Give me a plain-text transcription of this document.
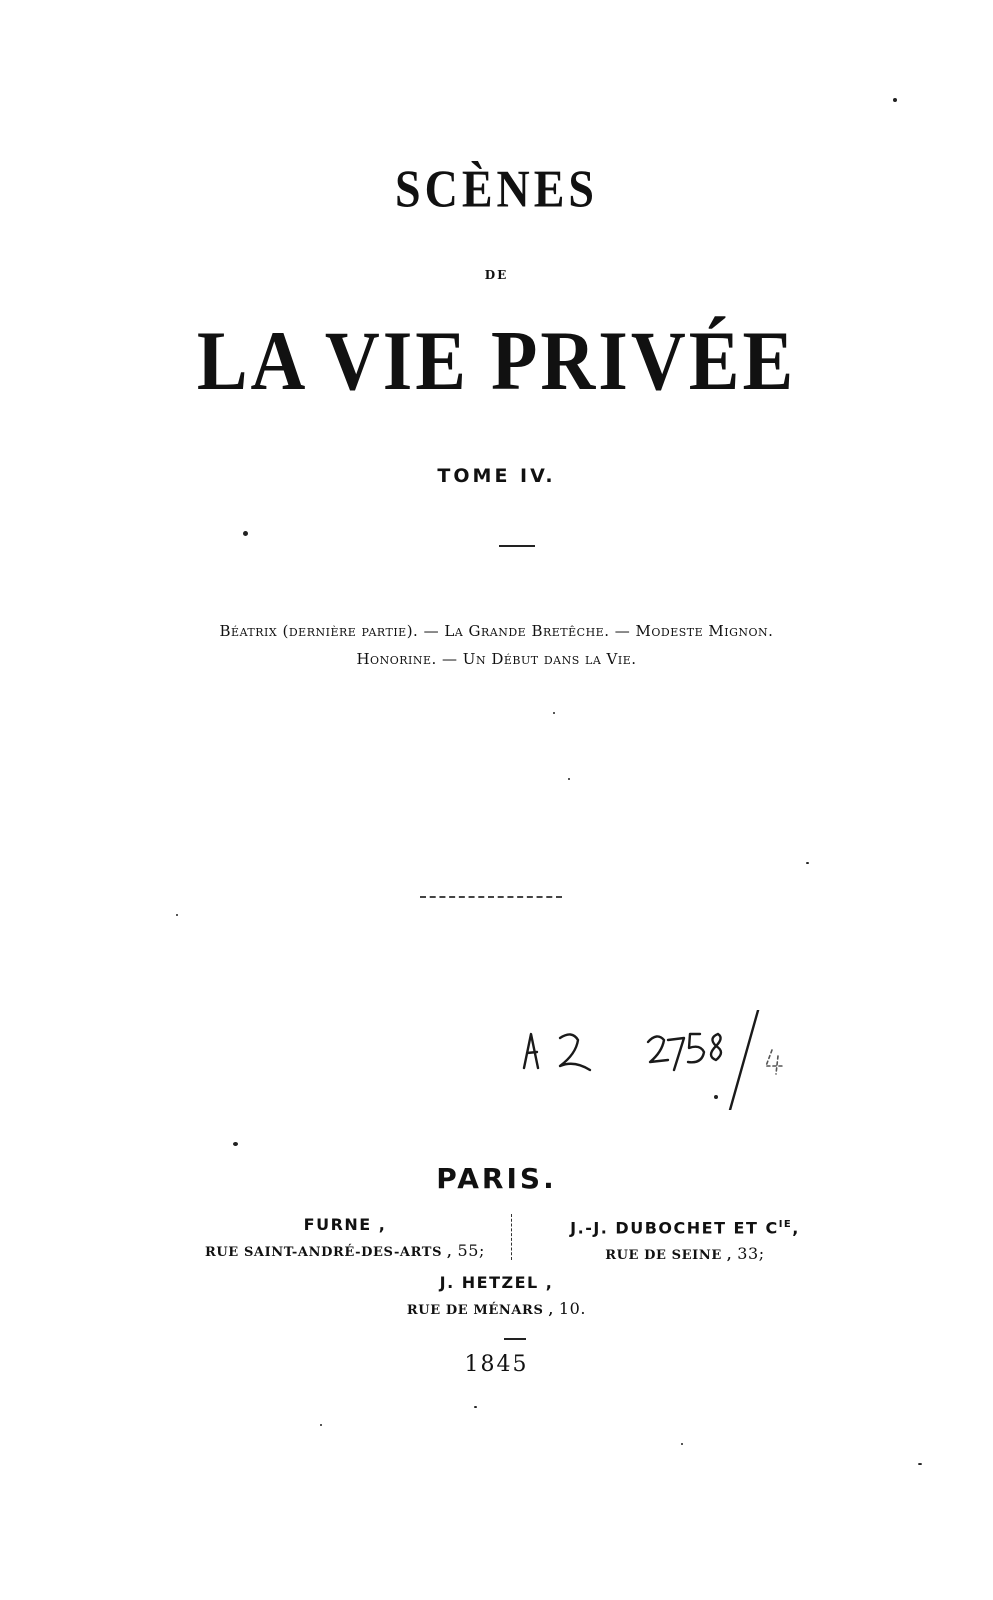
SCÈNES
DE
LA VIE PRIVÉE
TOME IV.
Béatrix (dernière partie). — La Grande Bretêche. — Modeste Mignon.
Honorine. — Un Début dans la Vie.
PARIS.
FURNE ,
RUE SAINT-ANDRÉ-DES-ARTS , 55;
J.-J. DUBOCHET ET $C^{IE}$,
RUE DE SEINE , 33;
J. HETZEL ,
RUE DE MÉNARS , 10.
1845
